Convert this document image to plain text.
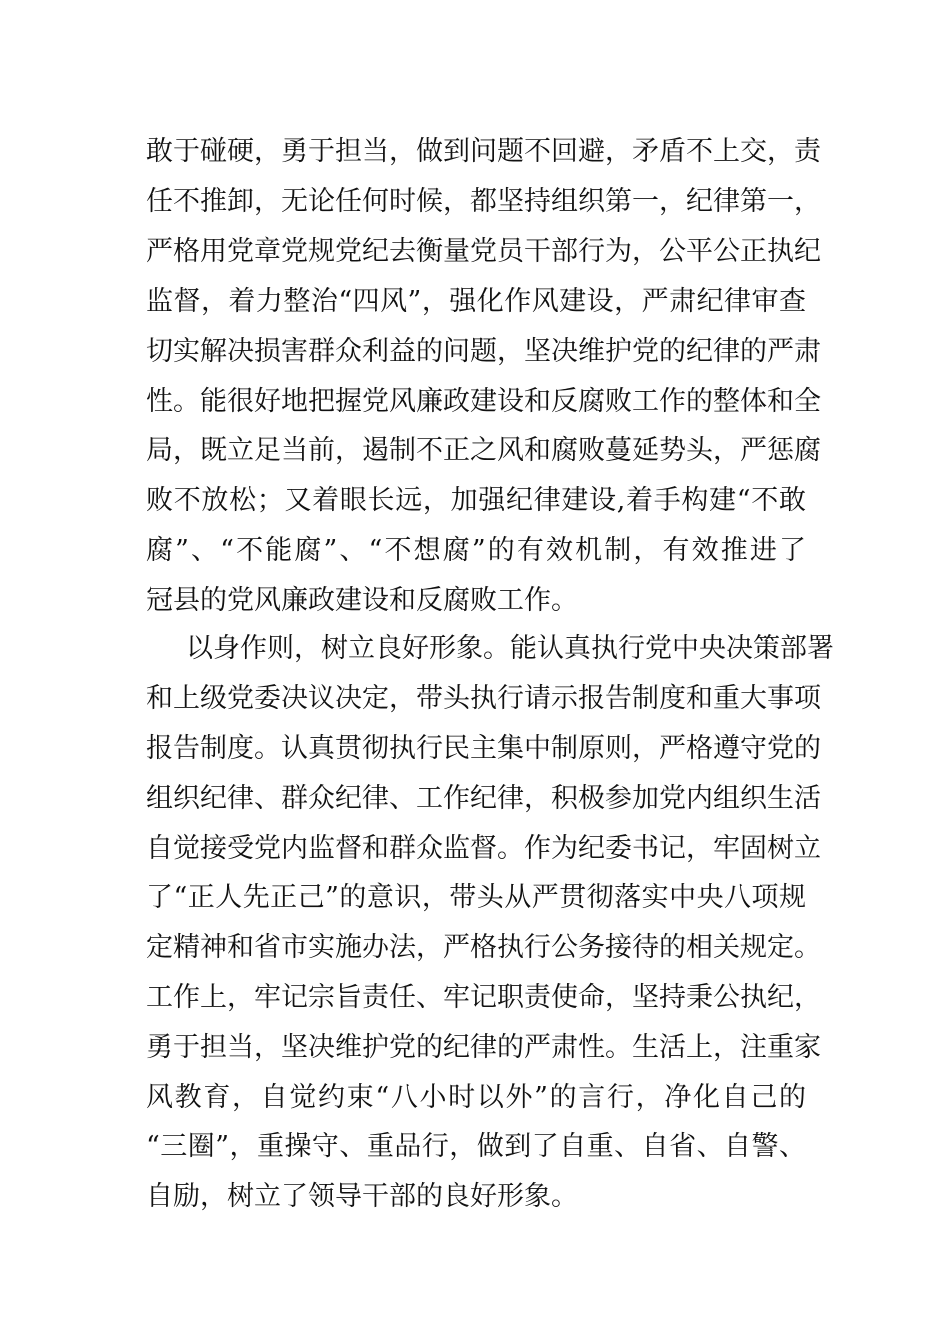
敢于碰硬，勇于担当，做到问题不回避，矛盾不上交，责
任不推卸，无论任何时候，都坚持组织第一，纪律第一，
严格用党章党规党纪去衡量党员干部行为，公平公正执纪
监督，着力整治“四风”，强化作风建设，严肃纪律审查
切实解决损害群众利益的问题，坚决维护党的纪律的严肃
性。能很好地把握党风廉政建设和反腐败工作的整体和全
局，既立足当前，遏制不正之风和腐败蔓延势头，严惩腐
败不放松；又着眼长远，加强纪律建设,着手构建“不敢
腐”、“不能腐”、“不想腐”的有效机制，有效推进了
冠县的党风廉政建设和反腐败工作。
以身作则，树立良好形象。能认真执行党中央决策部署
和上级党委决议决定，带头执行请示报告制度和重大事项
报告制度。认真贯彻执行民主集中制原则，严格遵守党的
组织纪律、群众纪律、工作纪律，积极参加党内组织生活
自觉接受党内监督和群众监督。作为纪委书记，牢固树立
了“正人先正己”的意识，带头从严贯彻落实中央八项规
定精神和省市实施办法，严格执行公务接待的相关规定。
工作上，牢记宗旨责任、牢记职责使命，坚持秉公执纪，
勇于担当，坚决维护党的纪律的严肃性。生活上，注重家
风教育，自觉约束“八小时以外”的言行，净化自己的
“三圈”，重操守、重品行，做到了自重、自省、自警、
自励，树立了领导干部的良好形象。
